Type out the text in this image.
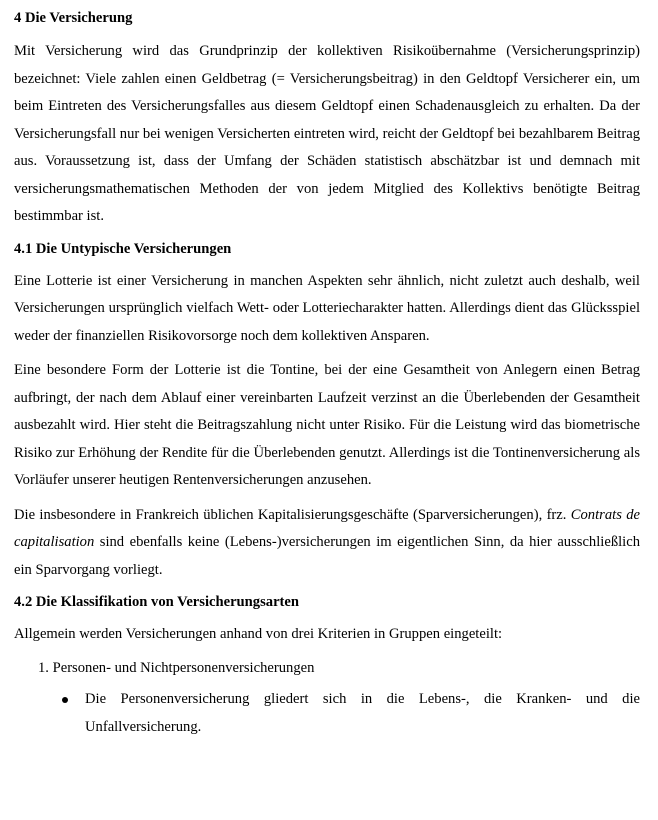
4 Die Versicherung

Mit Versicherung wird das Grundprinzip der kollektiven Risikoübernahme (Versicherungsprinzip) bezeichnet: Viele zahlen einen Geldbetrag (= Versicherungsbeitrag) in den Geldtopf Versicherer ein, um beim Eintreten des Versicherungsfalles aus diesem Geldtopf einen Schadenausgleich zu erhalten. Da der Versicherungsfall nur bei wenigen Versicherten eintreten wird, reicht der Geldtopf bei bezahlbarem Beitrag aus. Voraussetzung ist, dass der Umfang der Schäden statistisch abschätzbar ist und demnach mit versicherungsmathematischen Methoden der von jedem Mitglied des Kollektivs benötigte Beitrag bestimmbar ist.

4.1 Die Untypische Versicherungen

Eine Lotterie ist einer Versicherung in manchen Aspekten sehr ähnlich, nicht zuletzt auch deshalb, weil Versicherungen ursprünglich vielfach Wett- oder Lotteriecharakter hatten. Allerdings dient das Glücksspiel weder der finanziellen Risikovorsorge noch dem kollektiven Ansparen.

Eine besondere Form der Lotterie ist die Tontine, bei der eine Gesamtheit von Anlegern einen Betrag aufbringt, der nach dem Ablauf einer vereinbarten Laufzeit verzinst an die Überlebenden der Gesamtheit ausbezahlt wird. Hier steht die Beitragszahlung nicht unter Risiko. Für die Leistung wird das biometrische Risiko zur Erhöhung der Rendite für die Überlebenden genutzt. Allerdings ist die Tontinenversicherung als Vorläufer unserer heutigen Rentenversicherungen anzusehen.

Die insbesondere in Frankreich üblichen Kapitalisierungsgeschäfte (Sparversicherungen), frz. Contrats de capitalisation sind ebenfalls keine (Lebens-)versicherungen im eigentlichen Sinn, da hier ausschließlich ein Sparvorgang vorliegt.

4.2 Die Klassifikation von Versicherungsarten

Allgemein werden Versicherungen anhand von drei Kriterien in Gruppen eingeteilt:

1. Personen- und Nichtpersonenversicherungen
Die Personenversicherung gliedert sich in die Lebens-, die Kranken- und die Unfallversicherung.
